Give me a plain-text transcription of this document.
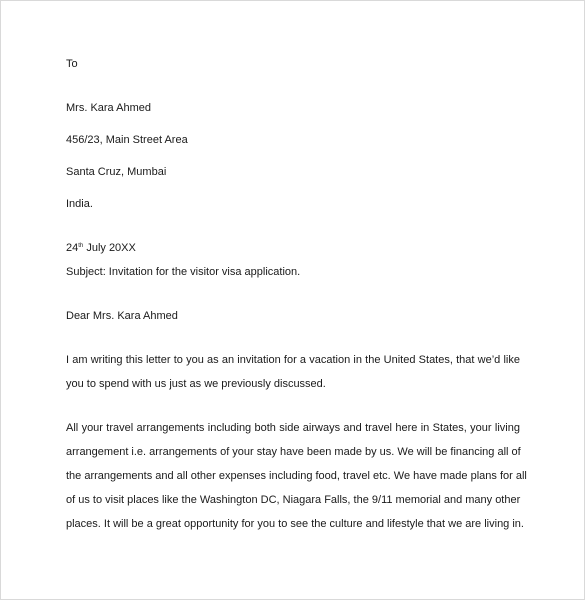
To
Mrs. Kara Ahmed
456/23, Main Street Area
Santa Cruz, Mumbai
India.
24th July 20XX
Subject: Invitation for the visitor visa application.
Dear Mrs. Kara Ahmed
I am writing this letter to you as an invitation for a vacation in the United States, that we’d like
you to spend with us just as we previously discussed.
All your travel arrangements including both side airways and travel here in States, your living
arrangement i.e. arrangements of your stay have been made by us. We will be financing all of
the arrangements and all other expenses including food, travel etc. We have made plans for all
of us to visit places like the Washington DC, Niagara Falls, the 9/11 memorial and many other
places. It will be a great opportunity for you to see the culture and lifestyle that we are living in.
